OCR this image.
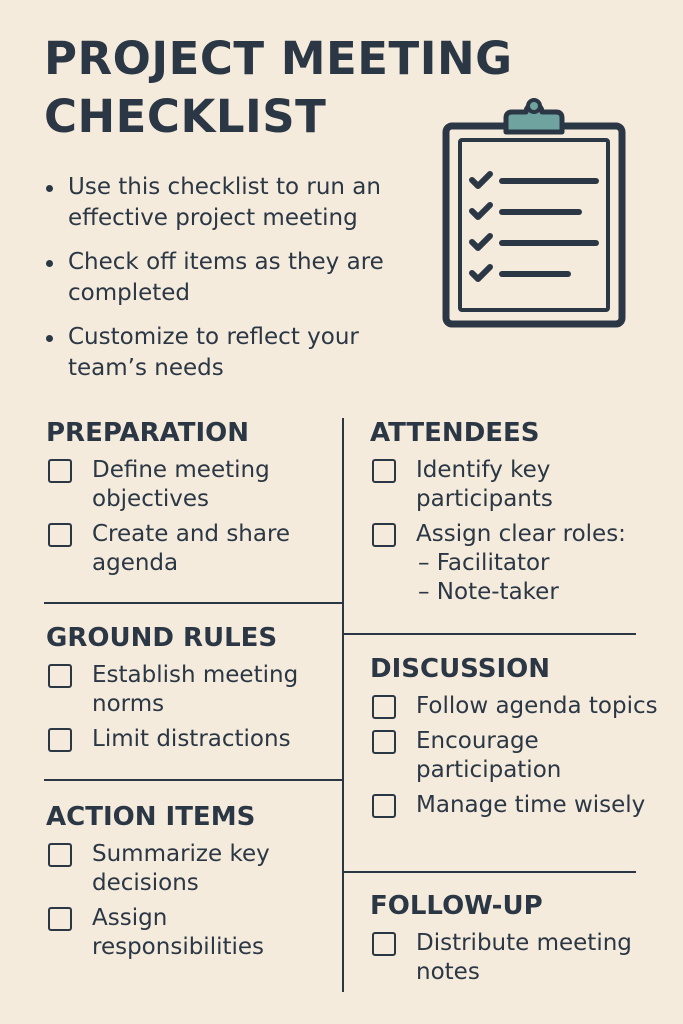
PROJECT MEETING
CHECKLIST
Use this checklist to run an effective project meeting
Check off items as they are completed
Customize to reflect your team’s needs
PREPARATION
Define meeting objectives
Create and share agenda
ATTENDEES
Identify key participants
Assign clear roles:
– Facilitator
– Note-taker
GROUND RULES
Establish meeting norms
Limit distractions
DISCUSSION
Follow agenda topics
Encourage participation
Manage time wisely
ACTION ITEMS
Summarize key decisions
Assign responsibilities
FOLLOW-UP
Distribute meeting notes
